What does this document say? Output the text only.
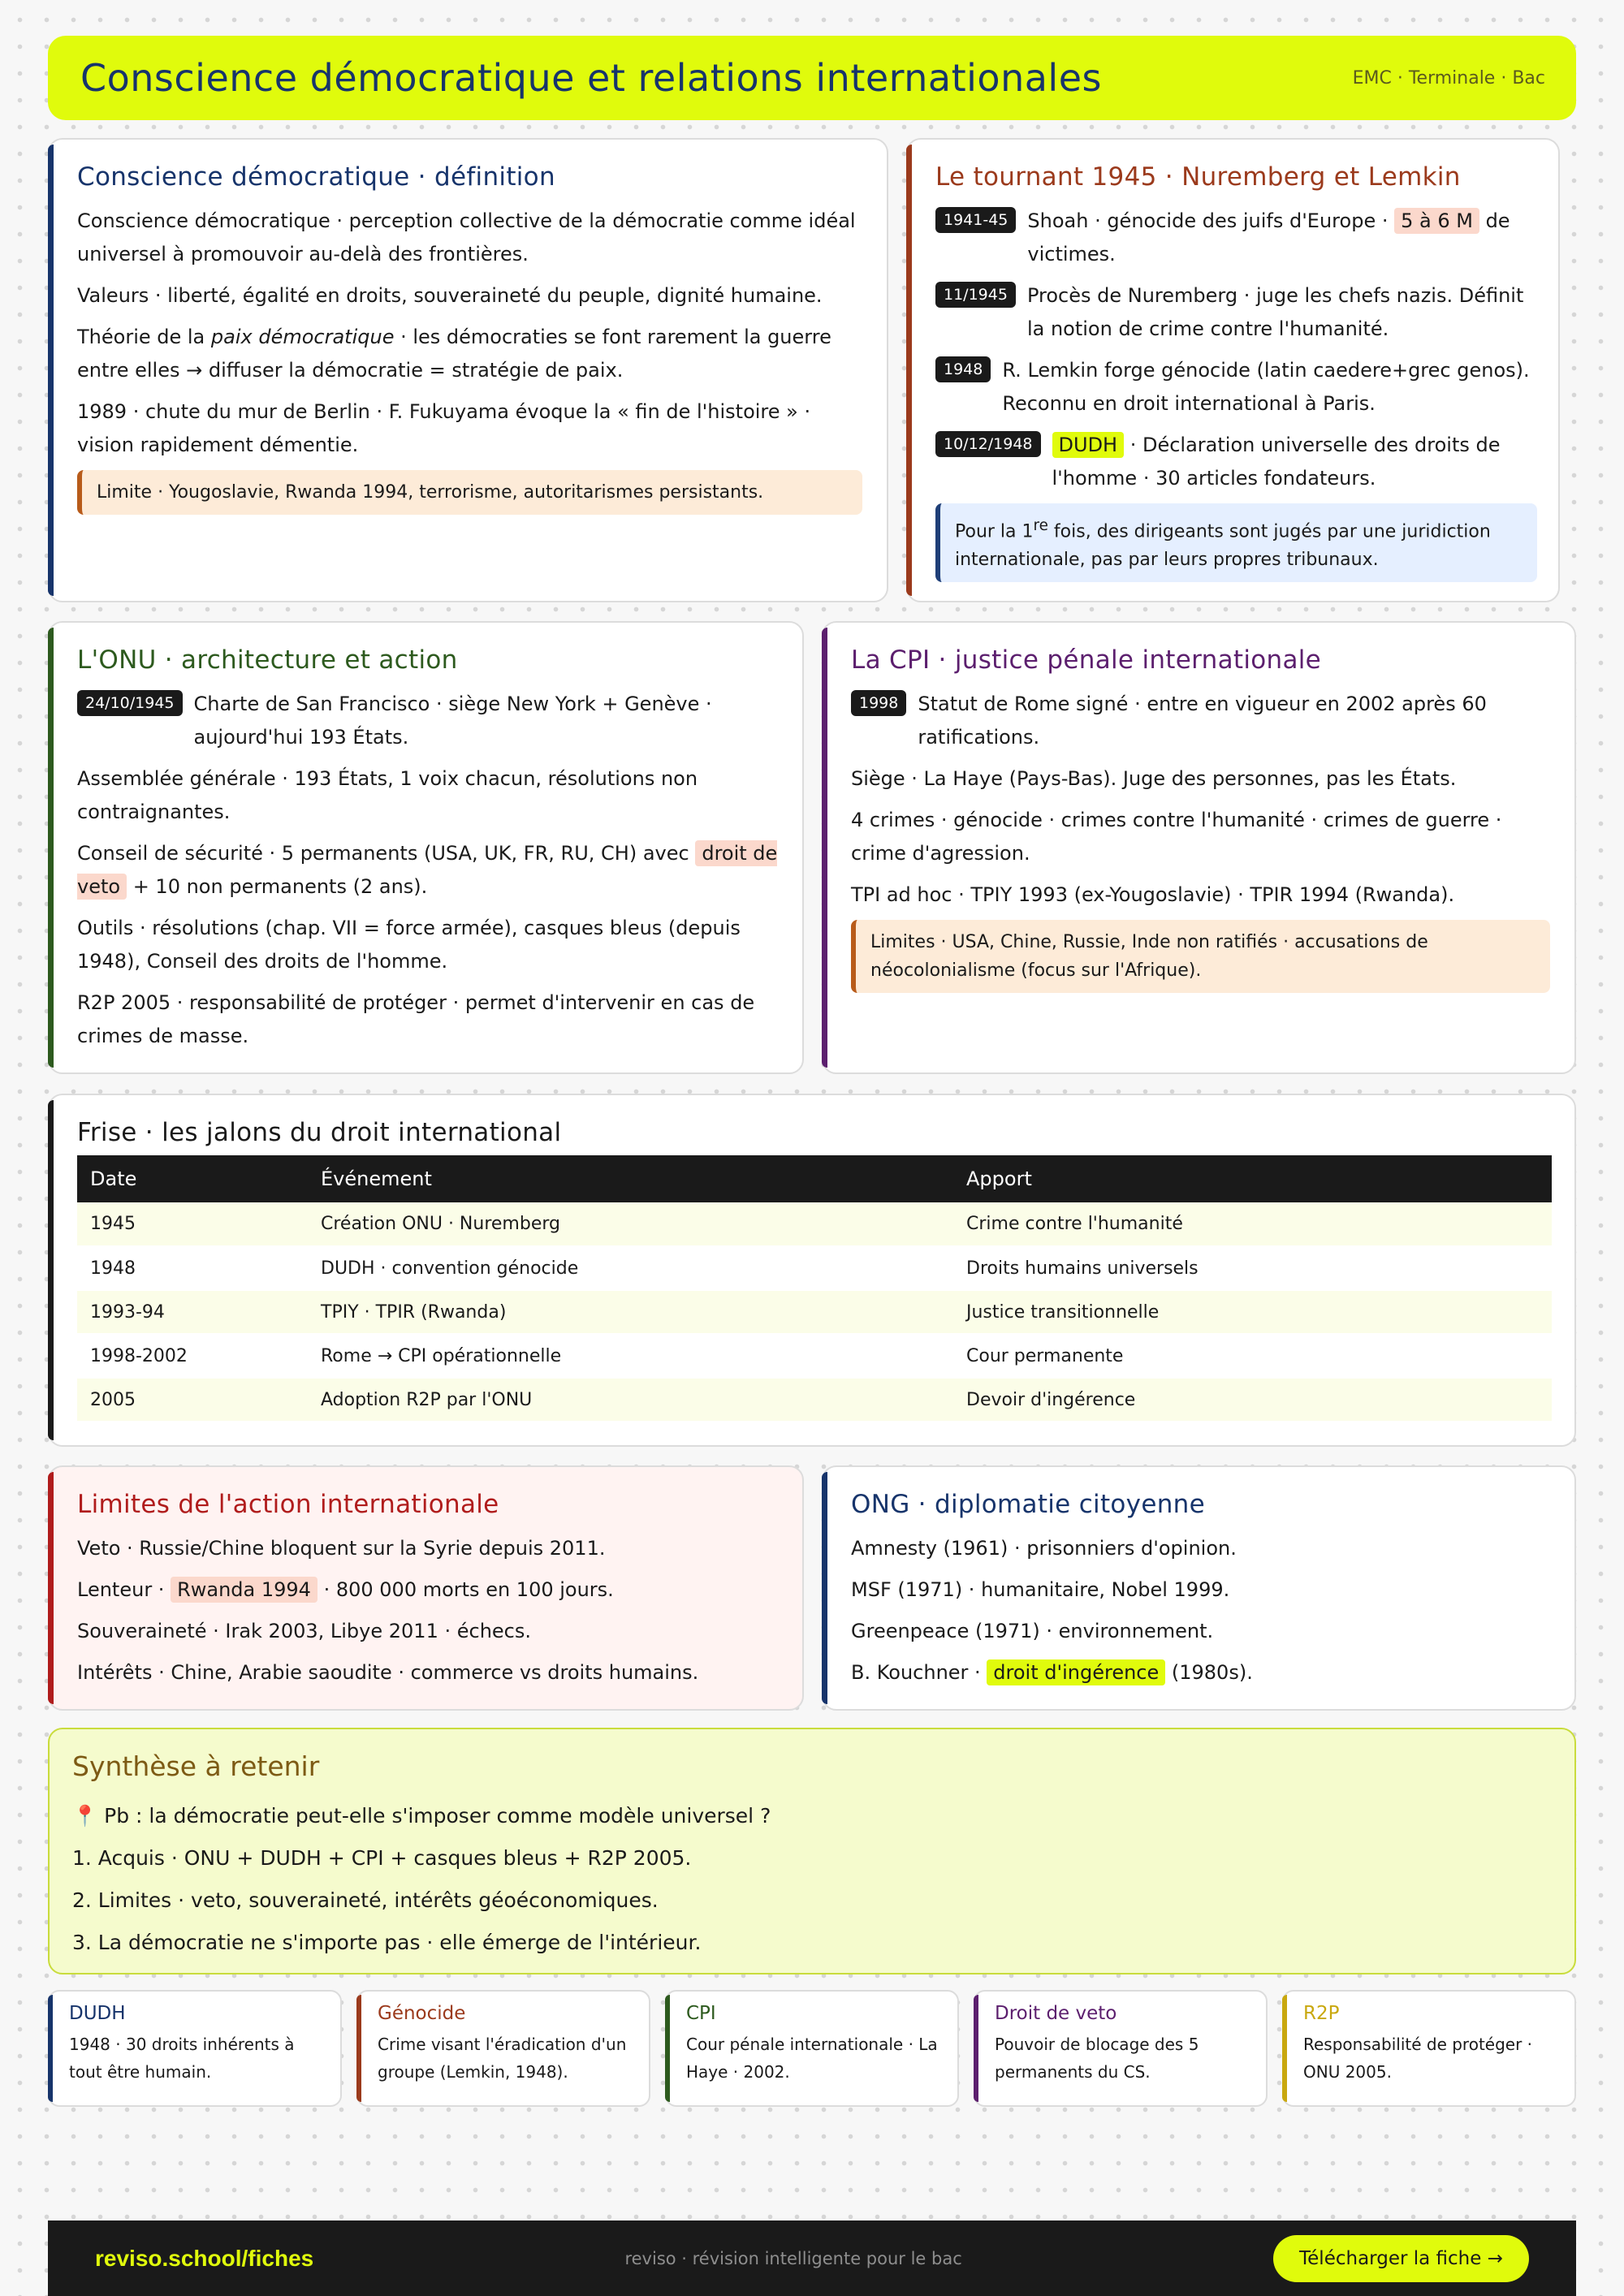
Conscience démocratique et relations internationales	EMC · Terminale · Bac
Conscience démocratique · définition

Conscience démocratique · perception collective de la démocratie comme idéal universel à promouvoir au-delà des frontières.

Valeurs · liberté, égalité en droits, souveraineté du peuple, dignité humaine.

Théorie de la paix démocratique · les démocraties se font rarement la guerre entre elles → diffuser la démocratie = stratégie de paix.

1989 · chute du mur de Berlin · F. Fukuyama évoque la « fin de l'histoire » · vision rapidement démentie.

Limite · Yougoslavie, Rwanda 1994, terrorisme, autoritarismes persistants.
Le tournant 1945 · Nuremberg et Lemkin
1941-45	Shoah · génocide des juifs d'Europe · 5 à 6 M de victimes.
11/1945	Procès de Nuremberg · juge les chefs nazis. Définit la notion de crime contre l'humanité.
1948	R. Lemkin forge génocide (latin caedere+grec genos). Reconnu en droit international à Paris.
10/12/1948	DUDH · Déclaration universelle des droits de l'homme · 30 articles fondateurs.
Pour la 1re fois, des dirigeants sont jugés par une juridiction internationale, pas par leurs propres tribunaux.
L'ONU · architecture et action
24/10/1945	Charte de San Francisco · siège New York + Genève · aujourd'hui 193 États.

Assemblée générale · 193 États, 1 voix chacun, résolutions non contraignantes.

Conseil de sécurité · 5 permanents (USA, UK, FR, RU, CH) avec droit de veto + 10 non permanents (2 ans).

Outils · résolutions (chap. VII = force armée), casques bleus (depuis 1948), Conseil des droits de l'homme.

R2P 2005 · responsabilité de protéger · permet d'intervenir en cas de crimes de masse.

La CPI · justice pénale internationale
1998	Statut de Rome signé · entre en vigueur en 2002 après 60 ratifications.

Siège · La Haye (Pays-Bas). Juge des personnes, pas les États.

4 crimes · génocide · crimes contre l'humanité · crimes de guerre · crime d'agression.

TPI ad hoc · TPIY 1993 (ex-Yougoslavie) · TPIR 1994 (Rwanda).

Limites · USA, Chine, Russie, Inde non ratifiés · accusations de néocolonialisme (focus sur l'Afrique).
Frise · les jalons du droit international
Date	Événement	Apport
1945	Création ONU · Nuremberg	Crime contre l'humanité
1948	DUDH · convention génocide	Droits humains universels
1993-94	TPIY · TPIR (Rwanda)	Justice transitionnelle
1998-2002	Rome → CPI opérationnelle	Cour permanente
2005	Adoption R2P par l'ONU	Devoir d'ingérence
Limites de l'action internationale

Veto · Russie/Chine bloquent sur la Syrie depuis 2011.

Lenteur · Rwanda 1994 · 800 000 morts en 100 jours.

Souveraineté · Irak 2003, Libye 2011 · échecs.

Intérêts · Chine, Arabie saoudite · commerce vs droits humains.

ONG · diplomatie citoyenne

Amnesty (1961) · prisonniers d'opinion.

MSF (1971) · humanitaire, Nobel 1999.

Greenpeace (1971) · environnement.

B. Kouchner · droit d'ingérence (1980s).

Synthèse à retenir

📍 Pb : la démocratie peut-elle s'imposer comme modèle universel ?

1. Acquis · ONU + DUDH + CPI + casques bleus + R2P 2005.

2. Limites · veto, souveraineté, intérêts géoéconomiques.

3. La démocratie ne s'importe pas · elle émerge de l'intérieur.

DUDH

1948 · 30 droits inhérents à tout être humain.

Génocide

Crime visant l'éradication d'un groupe (Lemkin, 1948).

CPI

Cour pénale internationale · La Haye · 2002.

Droit de veto

Pouvoir de blocage des 5 permanents du CS.

R2P

Responsabilité de protéger · ONU 2005.

reviso.school/fiches	reviso · révision intelligente pour le bac	Télécharger la fiche →
